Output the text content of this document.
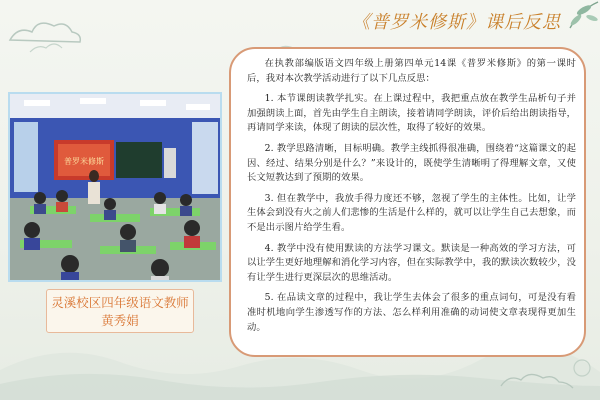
《普罗米修斯》课后反思
普罗米修斯
灵溪校区四年级语文教师
黄秀娟

在执教部编版语文四年级上册第四单元14课《普罗米修斯》的第一课时后，我对本次教学活动进行了以下几点反思：

1. 本节课朗读教学扎实。在上课过程中，我把重点放在教学生品析句子并加强朗读上面，首先由学生自主朗读，接着请同学朗读，评价后给出朗读指导，再请同学来读，体现了朗读的层次性，取得了较好的效果。

2. 教学思路清晰，目标明确。教学主线抓得很准确，围绕着“这篇课文的起因、经过、结果分别是什么？”来设计的，既使学生清晰明了得理解文章，又使长文短教达到了预期的效果。

3. 但在教学中，我放手得力度还不够，忽视了学生的主体性。比如，让学生体会到没有火之前人们悲惨的生活是什么样的，就可以让学生自己去想象，而不是出示图片给学生看。

4. 教学中没有使用默读的方法学习课文。默读是一种高效的学习方法，可以让学生更好地理解和消化学习内容，但在实际教学中，我的默读次数较少，没有让学生进行更深层次的思维活动。

5. 在品读文章的过程中，我让学生去体会了很多的重点词句，可是没有看准时机地向学生渗透写作的方法、怎么样利用准确的动词使文章表现得更加生动。
